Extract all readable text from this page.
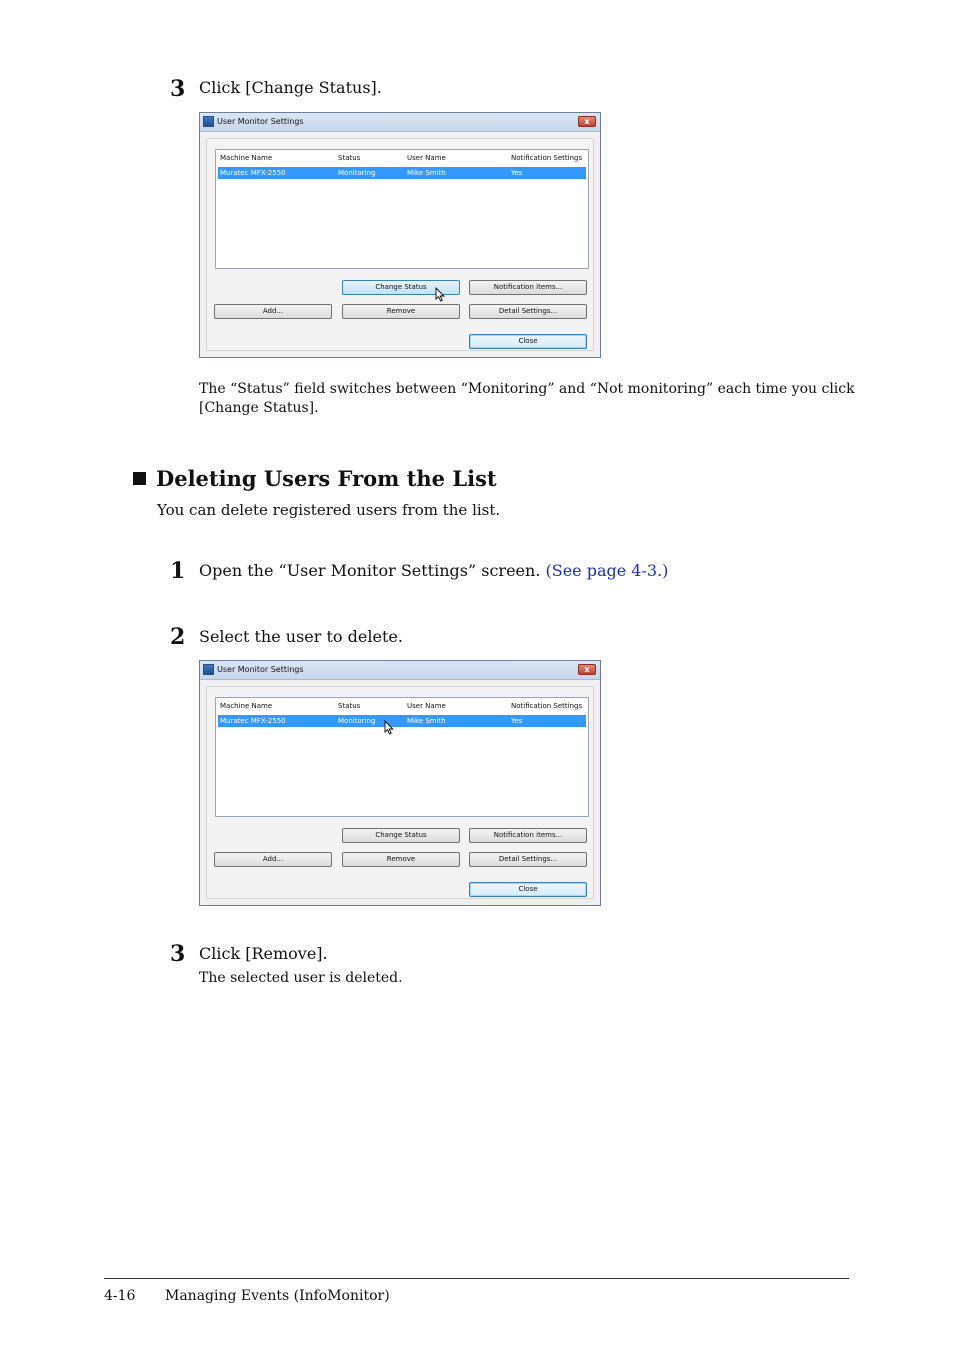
3 Click [Change Status].
User Monitor Settings	x
Machine Name	Status	User Name	Notification Settings
Muratec MFX-2550	Monitoring	Mike Smith	Yes
Change Status	Notification items...
Add...	Remove	Detail Settings...
Close
The “Status” field switches between “Monitoring” and “Not monitoring” each time you click
[Change Status].
Deleting Users From the List
You can delete registered users from the list.
1 Open the “User Monitor Settings” screen. (See page 4-3.)
2 Select the user to delete.
User Monitor Settings	x
Machine Name	Status	User Name	Notification Settings
Muratec MFX-2550	Monitoring	Mike Smith	Yes
Change Status	Notification items...
Add...	Remove	Detail Settings...
Close
3 Click [Remove].
The selected user is deleted.
4-16 Managing Events (InfoMonitor)
